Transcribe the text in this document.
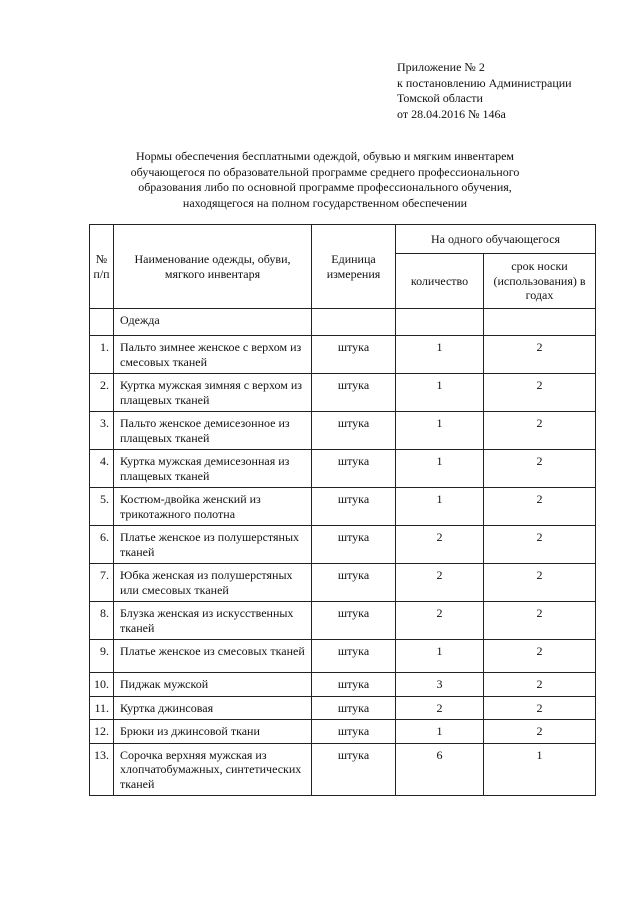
Приложение № 2
к постановлению Администрации
Томской области
от 28.04.2016 № 146а
Нормы обеспечения бесплатными одеждой, обувью и мягким инвентарем
обучающегося по образовательной программе среднего профессионального
образования либо по основной программе профессионального обучения,
находящегося на полном государственном обеспечении
№
п/п	Наименование одежды, обуви, мягкого инвентаря	Единица измерения	На одного обучающегося	
			количество	срок носки (использования) в годах

	Одежда			

1.	Пальто зимнее женское с верхом из смесовых тканей	штука	1	2

2.	Куртка мужская зимняя с верхом из плащевых тканей	штука	1	2

3.	Пальто женское демисезонное из плащевых тканей	штука	1	2

4.	Куртка мужская демисезонная из плащевых тканей	штука	1	2

5.	Костюм-двойка женский из трикотажного полотна	штука	1	2

6.	Платье женское из полушерстяных тканей	штука	2	2

7.	Юбка женская из полушерстяных или смесовых тканей	штука	2	2

8.	Блузка женская из искусственных тканей	штука	2	2

9.	Платье женское из смесовых тканей	штука	1	2

10.	Пиджак мужской	штука	3	2

11.	Куртка джинсовая	штука	2	2

12.	Брюки из джинсовой ткани	штука	1	2

13.	Сорочка верхняя мужская из хлопчатобумажных, синтетических тканей	штука	6	1
